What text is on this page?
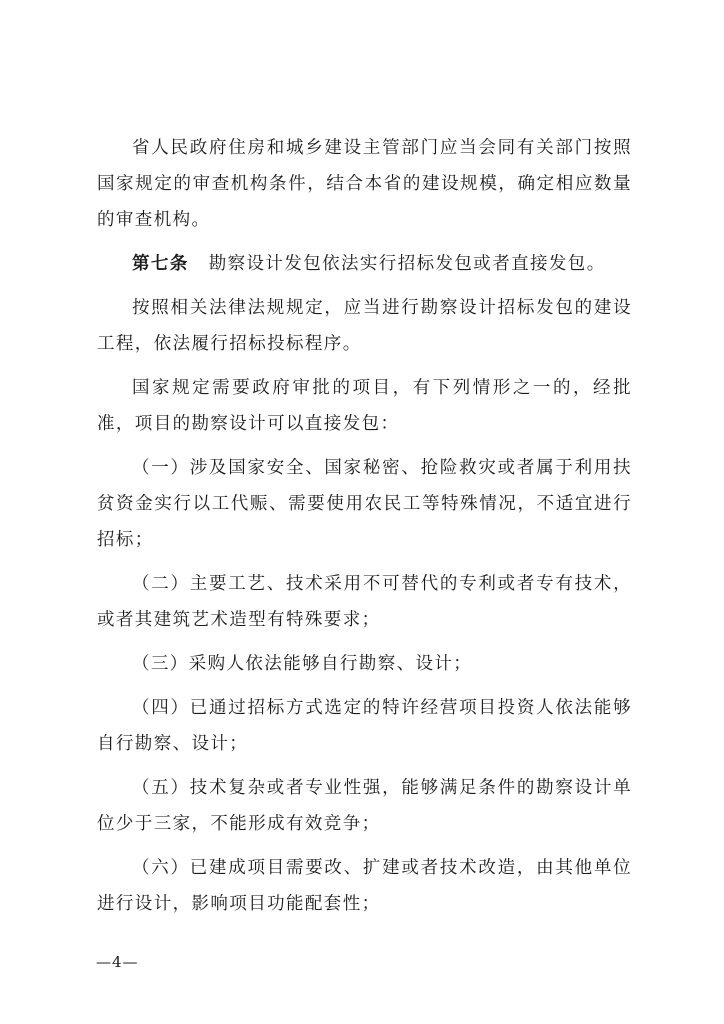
省人民政府住房和城乡建设主管部门应当会同有关部门按照国家规定的审查机构条件，结合本省的建设规模，确定相应数量的审查机构。

第七条 勘察设计发包依法实行招标发包或者直接发包。

按照相关法律法规规定，应当进行勘察设计招标发包的建设工程，依法履行招标投标程序。

国家规定需要政府审批的项目，有下列情形之一的，经批准，项目的勘察设计可以直接发包：

（一）涉及国家安全、国家秘密、抢险救灾或者属于利用扶贫资金实行以工代赈、需要使用农民工等特殊情况，不适宜进行招标；

（二）主要工艺、技术采用不可替代的专利或者专有技术，或者其建筑艺术造型有特殊要求；

（三）采购人依法能够自行勘察、设计；

（四）已通过招标方式选定的特许经营项目投资人依法能够自行勘察、设计；

（五）技术复杂或者专业性强，能够满足条件的勘察设计单位少于三家，不能形成有效竞争；

（六）已建成项目需要改、扩建或者技术改造，由其他单位进行设计，影响项目功能配套性；

—4—
